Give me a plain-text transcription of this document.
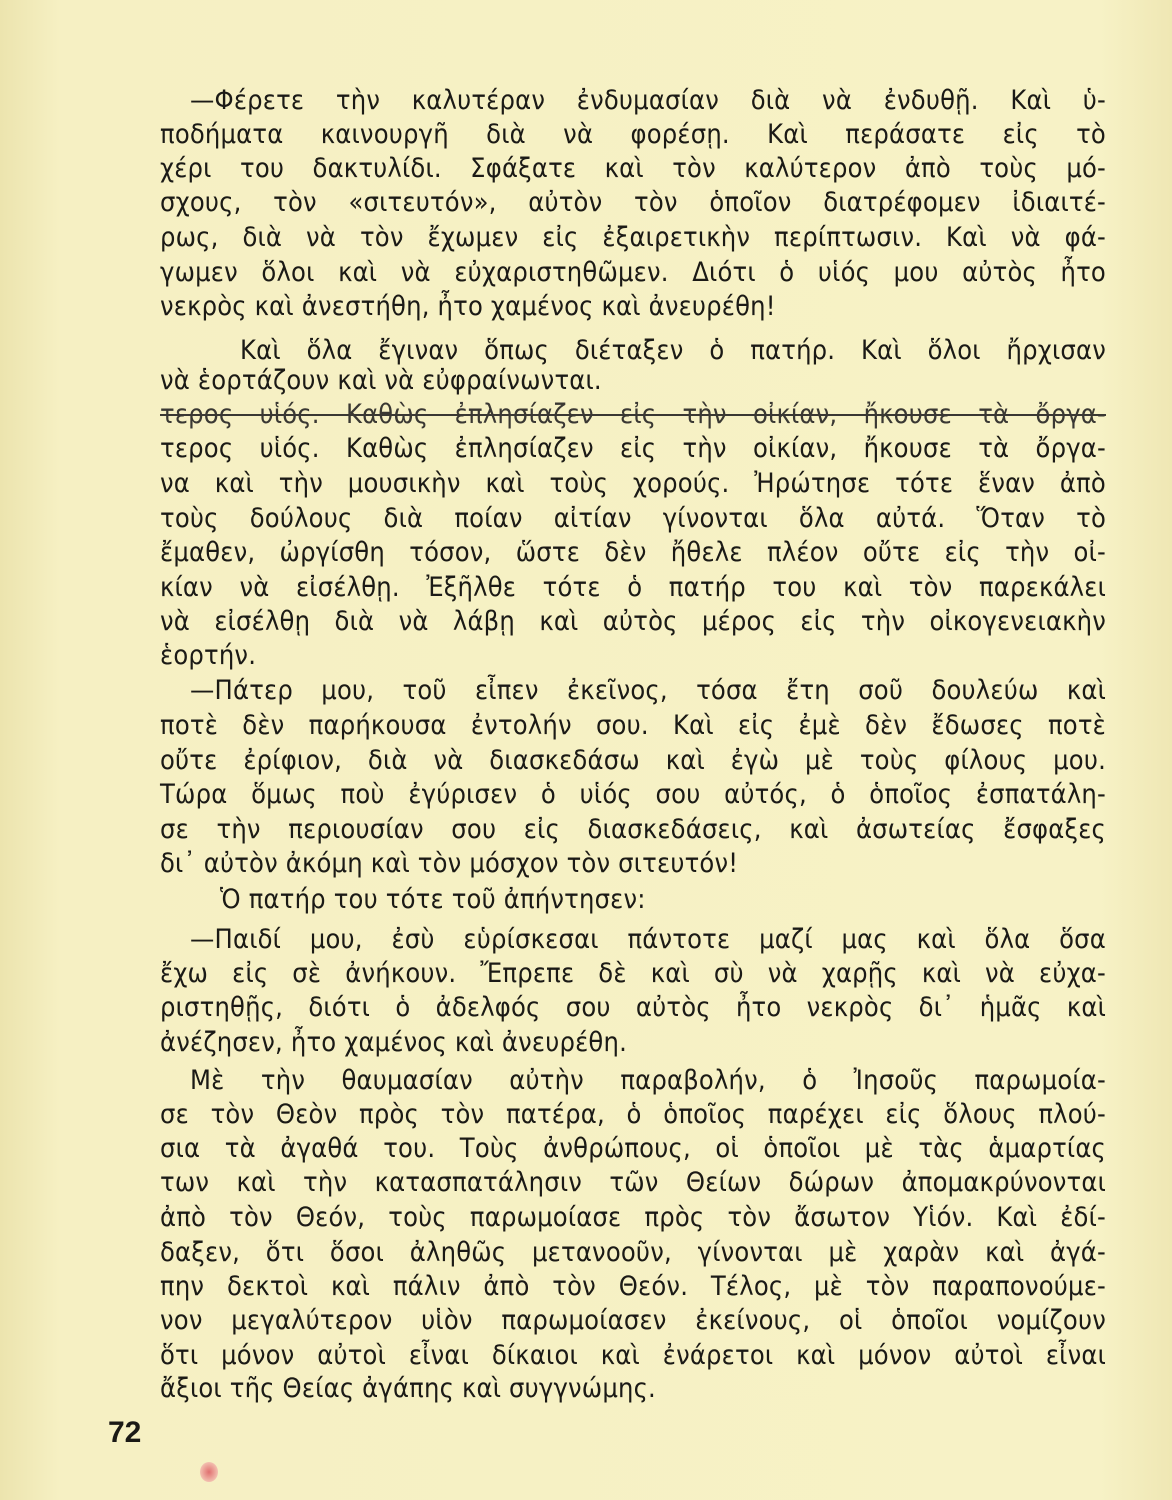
—Φέρετε τὴν καλυτέραν ἐνδυμασίαν διὰ νὰ ἐνδυθῇ. Καὶ ὑ-
ποδήματα καινουργῆ διὰ νὰ φορέσῃ. Καὶ περάσατε εἰς τὸ
χέρι του δακτυλίδι. Σφάξατε καὶ τὸν καλύτερον ἀπὸ τοὺς μό-
σχους, τὸν «σιτευτόν», αὐτὸν τὸν ὁποῖον διατρέφομεν ἰδιαιτέ-
ρως, διὰ νὰ τὸν ἔχωμεν εἰς ἐξαιρετικὴν περίπτωσιν. Καὶ νὰ φά-
γωμεν ὅλοι καὶ νὰ εὐχαριστηθῶμεν. Διότι ὁ υἱός μου αὐτὸς ἦτο
νεκρὸς καὶ ἀνεστήθη, ἦτο χαμένος καὶ ἀνευρέθη!
Καὶ ὅλα ἔγιναν ὅπως διέταξεν ὁ πατήρ. Καὶ ὅλοι ἤρχισαν
νὰ ἑορτάζουν καὶ νὰ εὐφραίνωνται.
τερος υἱός. Καθὼς ἐπλησίαζεν εἰς τὴν οἰκίαν, ἤκουσε τὰ ὄργα-
τερος υἱός. Καθὼς ἐπλησίαζεν εἰς τὴν οἰκίαν, ἤκουσε τὰ ὄργα-
να καὶ τὴν μουσικὴν καὶ τοὺς χορούς. Ἠρώτησε τότε ἕναν ἀπὸ
τοὺς δούλους διὰ ποίαν αἰτίαν γίνονται ὅλα αὐτά. Ὅταν τὸ
ἔμαθεν, ὠργίσθη τόσον, ὥστε δὲν ἤθελε πλέον οὔτε εἰς τὴν οἰ-
κίαν νὰ εἰσέλθῃ. Ἐξῆλθε τότε ὁ πατήρ του καὶ τὸν παρεκάλει
νὰ εἰσέλθῃ διὰ νὰ λάβῃ καὶ αὐτὸς μέρος εἰς τὴν οἰκογενειακὴν
ἑορτήν.
—Πάτερ μου, τοῦ εἶπεν ἐκεῖνος, τόσα ἔτη σοῦ δουλεύω καὶ
ποτὲ δὲν παρήκουσα ἐντολήν σου. Καὶ εἰς ἐμὲ δὲν ἔδωσες ποτὲ
οὔτε ἐρίφιον, διὰ νὰ διασκεδάσω καὶ ἐγὼ μὲ τοὺς φίλους μου.
Τώρα ὅμως ποὺ ἐγύρισεν ὁ υἱός σου αὐτός, ὁ ὁποῖος ἐσπατάλη-
σε τὴν περιουσίαν σου εἰς διασκεδάσεις, καὶ ἀσωτείας ἔσφαξες
δι᾿ αὐτὸν ἀκόμη καὶ τὸν μόσχον τὸν σιτευτόν!
Ὁ πατήρ του τότε τοῦ ἀπήντησεν:
—Παιδί μου, ἐσὺ εὑρίσκεσαι πάντοτε μαζί μας καὶ ὅλα ὅσα
ἔχω εἰς σὲ ἀνήκουν. Ἔπρεπε δὲ καὶ σὺ νὰ χαρῇς καὶ νὰ εὐχα-
ριστηθῇς, διότι ὁ ἀδελφός σου αὐτὸς ἦτο νεκρὸς δι᾿ ἡμᾶς καὶ
ἀνέζησεν, ἦτο χαμένος καὶ ἀνευρέθη.
Μὲ τὴν θαυμασίαν αὐτὴν παραβολήν, ὁ Ἰησοῦς παρωμοία-
σε τὸν Θεὸν πρὸς τὸν πατέρα, ὁ ὁποῖος παρέχει εἰς ὅλους πλού-
σια τὰ ἀγαθά του. Τοὺς ἀνθρώπους, οἱ ὁποῖοι μὲ τὰς ἁμαρτίας
των καὶ τὴν κατασπατάλησιν τῶν Θείων δώρων ἀπομακρύνονται
ἀπὸ τὸν Θεόν, τοὺς παρωμοίασε πρὸς τὸν ἄσωτον Υἱόν. Καὶ ἐδί-
δαξεν, ὅτι ὅσοι ἀληθῶς μετανοοῦν, γίνονται μὲ χαρὰν καὶ ἀγά-
πην δεκτοὶ καὶ πάλιν ἀπὸ τὸν Θεόν. Τέλος, μὲ τὸν παραπονούμε-
νον μεγαλύτερον υἱὸν παρωμοίασεν ἐκείνους, οἱ ὁποῖοι νομίζουν
ὅτι μόνον αὐτοὶ εἶναι δίκαιοι καὶ ἐνάρετοι καὶ μόνον αὐτοὶ εἶναι
ἄξιοι τῆς Θείας ἀγάπης καὶ συγγνώμης.
72
